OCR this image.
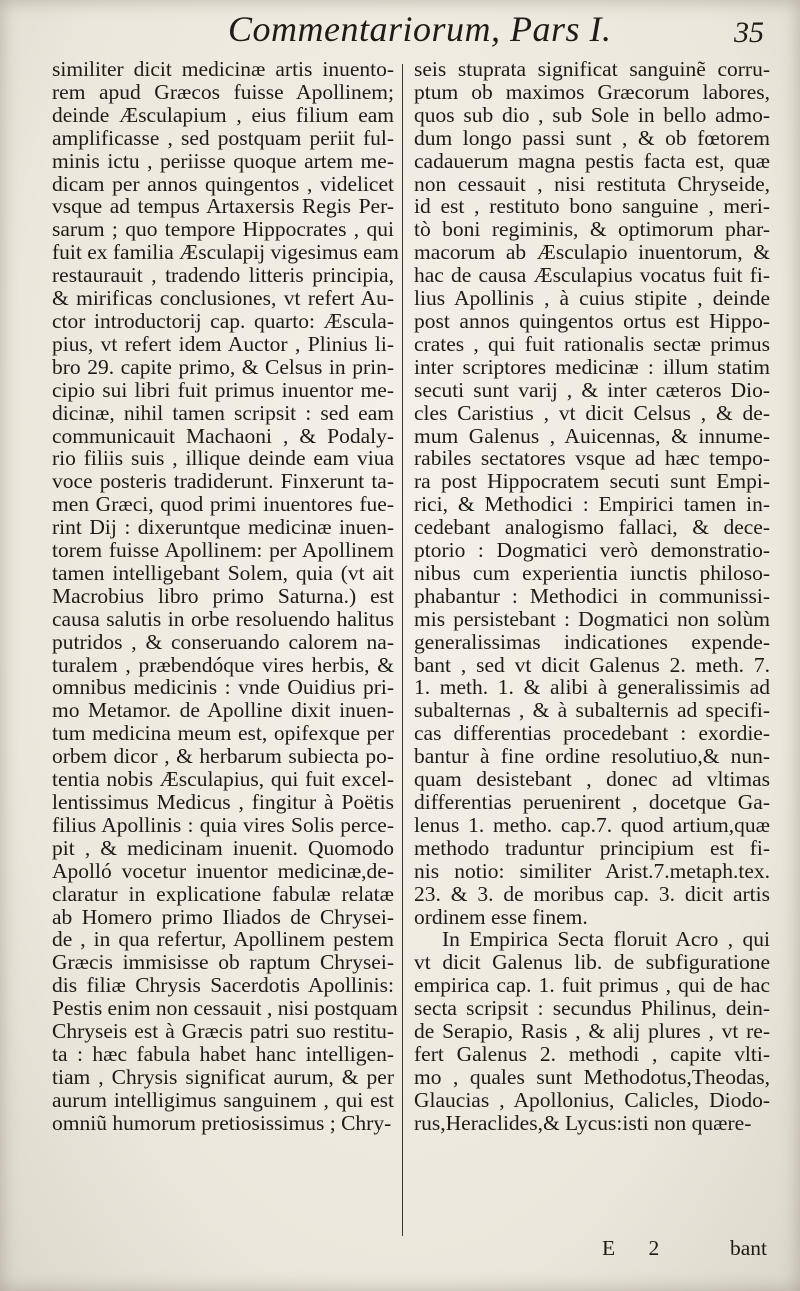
Commentariorum, Pars I.	35
similiter dicit medicinæ artis inuento-
rem apud Græcos fuisse Apollinem;
deinde Æsculapium , eius filium eam
amplificasse , sed postquam periit ful-
minis ictu , periisse quoque artem me-
dicam per annos quingentos , videlicet
vsque ad tempus Artaxersis Regis Per-
sarum ; quo tempore Hippocrates , qui
fuit ex familia Æsculapij vigesimus eam
restaurauit , tradendo litteris principia,
& mirificas conclusiones, vt refert Au-
ctor introductorij cap. quarto: Æscula-
pius, vt refert idem Auctor , Plinius li-
bro 29. capite primo, & Celsus in prin-
cipio sui libri fuit primus inuentor me-
dicinæ, nihil tamen scripsit : sed eam
communicauit Machaoni , & Podaly-
rio filiis suis , illique deinde eam viua
voce posteris tradiderunt. Finxerunt ta-
men Græci, quod primi inuentores fue-
rint Dij : dixeruntque medicinæ inuen-
torem fuisse Apollinem: per Apollinem
tamen intelligebant Solem, quia (vt ait
Macrobius libro primo Saturna.) est
causa salutis in orbe resoluendo halitus
putridos , & conseruando calorem na-
turalem , præbendóque vires herbis, &
omnibus medicinis : vnde Ouidius pri-
mo Metamor. de Apolline dixit inuen-
tum medicina meum est, opifexque per
orbem dicor , & herbarum subiecta po-
tentia nobis Æsculapius, qui fuit excel-
lentissimus Medicus , fingitur à Poëtis
filius Apollinis : quia vires Solis perce-
pit , & medicinam inuenit. Quomodo
Apolló vocetur inuentor medicinæ,de-
claratur in explicatione fabulæ relatæ
ab Homero primo Iliados de Chrysei-
de , in qua refertur, Apollinem pestem
Græcis immisisse ob raptum Chrysei-
dis filiæ Chrysis Sacerdotis Apollinis:
Pestis enim non cessauit , nisi postquam
Chryseis est à Græcis patri suo restitu-
ta : hæc fabula habet hanc intelligen-
tiam , Chrysis significat aurum, & per
aurum intelligimus sanguinem , qui est
omniũ humorum pretiosissimus ; Chry-
seis stuprata significat sanguinẽ corru-
ptum ob maximos Græcorum labores,
quos sub dio , sub Sole in bello admo-
dum longo passi sunt , & ob fœtorem
cadauerum magna pestis facta est, quæ
non cessauit , nisi restituta Chryseide,
id est , restituto bono sanguine , meri-
tò boni regiminis, & optimorum phar-
macorum ab Æsculapio inuentorum, &
hac de causa Æsculapius vocatus fuit fi-
lius Apollinis , à cuius stipite , deinde
post annos quingentos ortus est Hippo-
crates , qui fuit rationalis sectæ primus
inter scriptores medicinæ : illum statim
secuti sunt varij , & inter cæteros Dio-
cles Caristius , vt dicit Celsus , & de-
mum Galenus , Auicennas, & innume-
rabiles sectatores vsque ad hæc tempo-
ra post Hippocratem secuti sunt Empi-
rici, & Methodici : Empirici tamen in-
cedebant analogismo fallaci, & dece-
ptorio : Dogmatici verò demonstratio-
nibus cum experientia iunctis philoso-
phabantur : Methodici in communissi-
mis persistebant : Dogmatici non solùm
generalissimas indicationes expende-
bant , sed vt dicit Galenus 2. meth. 7.
1. meth. 1. & alibi à generalissimis ad
subalternas , & à subalternis ad specifi-
cas differentias procedebant : exordie-
bantur à fine ordine resolutiuo,& nun-
quam desistebant , donec ad vltimas
differentias peruenirent , docetque Ga-
lenus 1. metho. cap.7. quod artium,quæ
methodo traduntur principium est fi-
nis notio: similiter Arist.7.metaph.tex.
23. & 3. de moribus cap. 3. dicit artis
ordinem esse finem.
In Empirica Secta floruit Acro , qui
vt dicit Galenus lib. de subfiguratione
empirica cap. 1. fuit primus , qui de hac
secta scripsit : secundus Philinus, dein-
de Serapio, Rasis , & alij plures , vt re-
fert Galenus 2. methodi , capite vlti-
mo , quales sunt Methodotus,Theodas,
Glaucias , Apollonius, Calicles, Diodo-
rus,Heraclides,& Lycus:isti non quære-
E 2	bant
